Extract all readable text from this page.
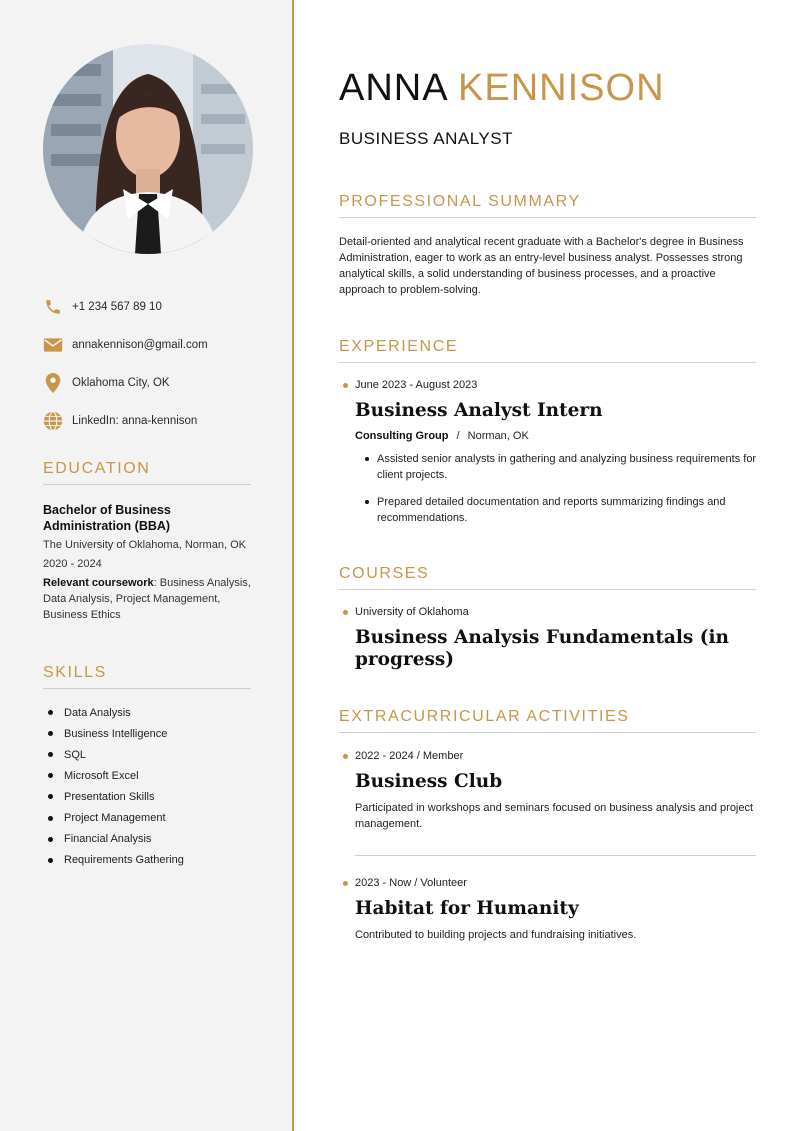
+1 234 567 89 10
annakennison@gmail.com
Oklahoma City, OK
LinkedIn: anna-kennison
EDUCATION
Bachelor of Business Administration (BBA)
The University of Oklahoma, Norman, OK
2020 - 2024
Relevant coursework: Business Analysis, Data Analysis, Project Management, Business Ethics
SKILLS
Data Analysis
Business Intelligence
SQL
Microsoft Excel
Presentation Skills
Project Management
Financial Analysis
Requirements Gathering
ANNA KENNISON
BUSINESS ANALYST
PROFESSIONAL SUMMARY
Detail-oriented and analytical recent graduate with a Bachelor's degree in Business Administration, eager to work as an entry-level business analyst. Possesses strong analytical skills, a solid understanding of business processes, and a proactive approach to problem-solving.
EXPERIENCE
June 2023 - August 2023
Business Analyst Intern
Consulting Group / Norman, OK
Assisted senior analysts in gathering and analyzing business requirements for client projects.
Prepared detailed documentation and reports summarizing findings and recommendations.
COURSES
University of Oklahoma
Business Analysis Fundamentals (in progress)
EXTRACURRICULAR ACTIVITIES
2022 - 2024 / Member
Business Club
Participated in workshops and seminars focused on business analysis and project management.
2023 - Now / Volunteer
Habitat for Humanity
Contributed to building projects and fundraising initiatives.
